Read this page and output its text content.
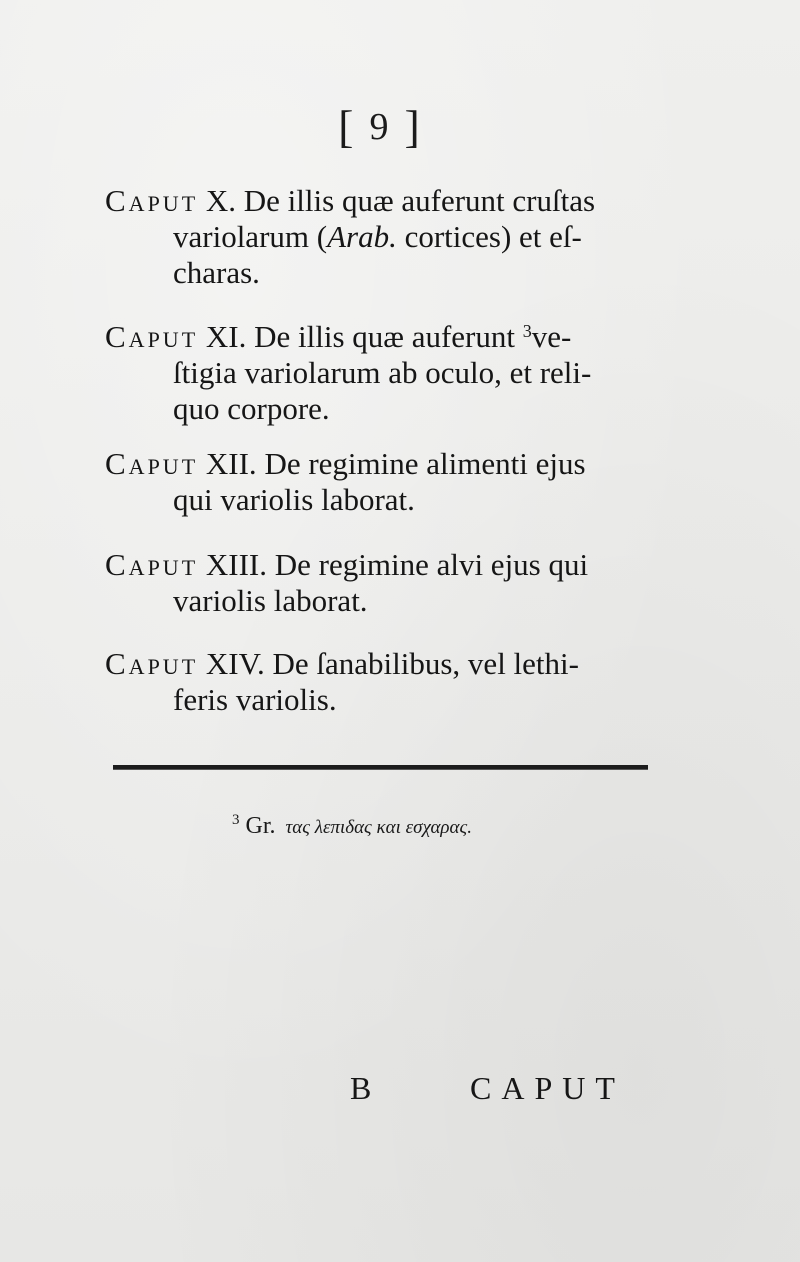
[ 9 ]
Caput X. De illis quæ auferunt cruſtas
variolarum (Arab. cortices) et eſ-
charas.
Caput XI. De illis quæ auferunt $^3$ve-
ſtigia variolarum ab oculo, et reli-
quo corpore.
Caput XII. De regimine alimenti ejus
qui variolis laborat.
Caput XIII. De regimine alvi ejus qui
variolis laborat.
Caput XIV. De ſanabilibus, vel lethi-
feris variolis.
$^3$ Gr. τας λεπιδας και εσχαρας.
B	CAPUT
